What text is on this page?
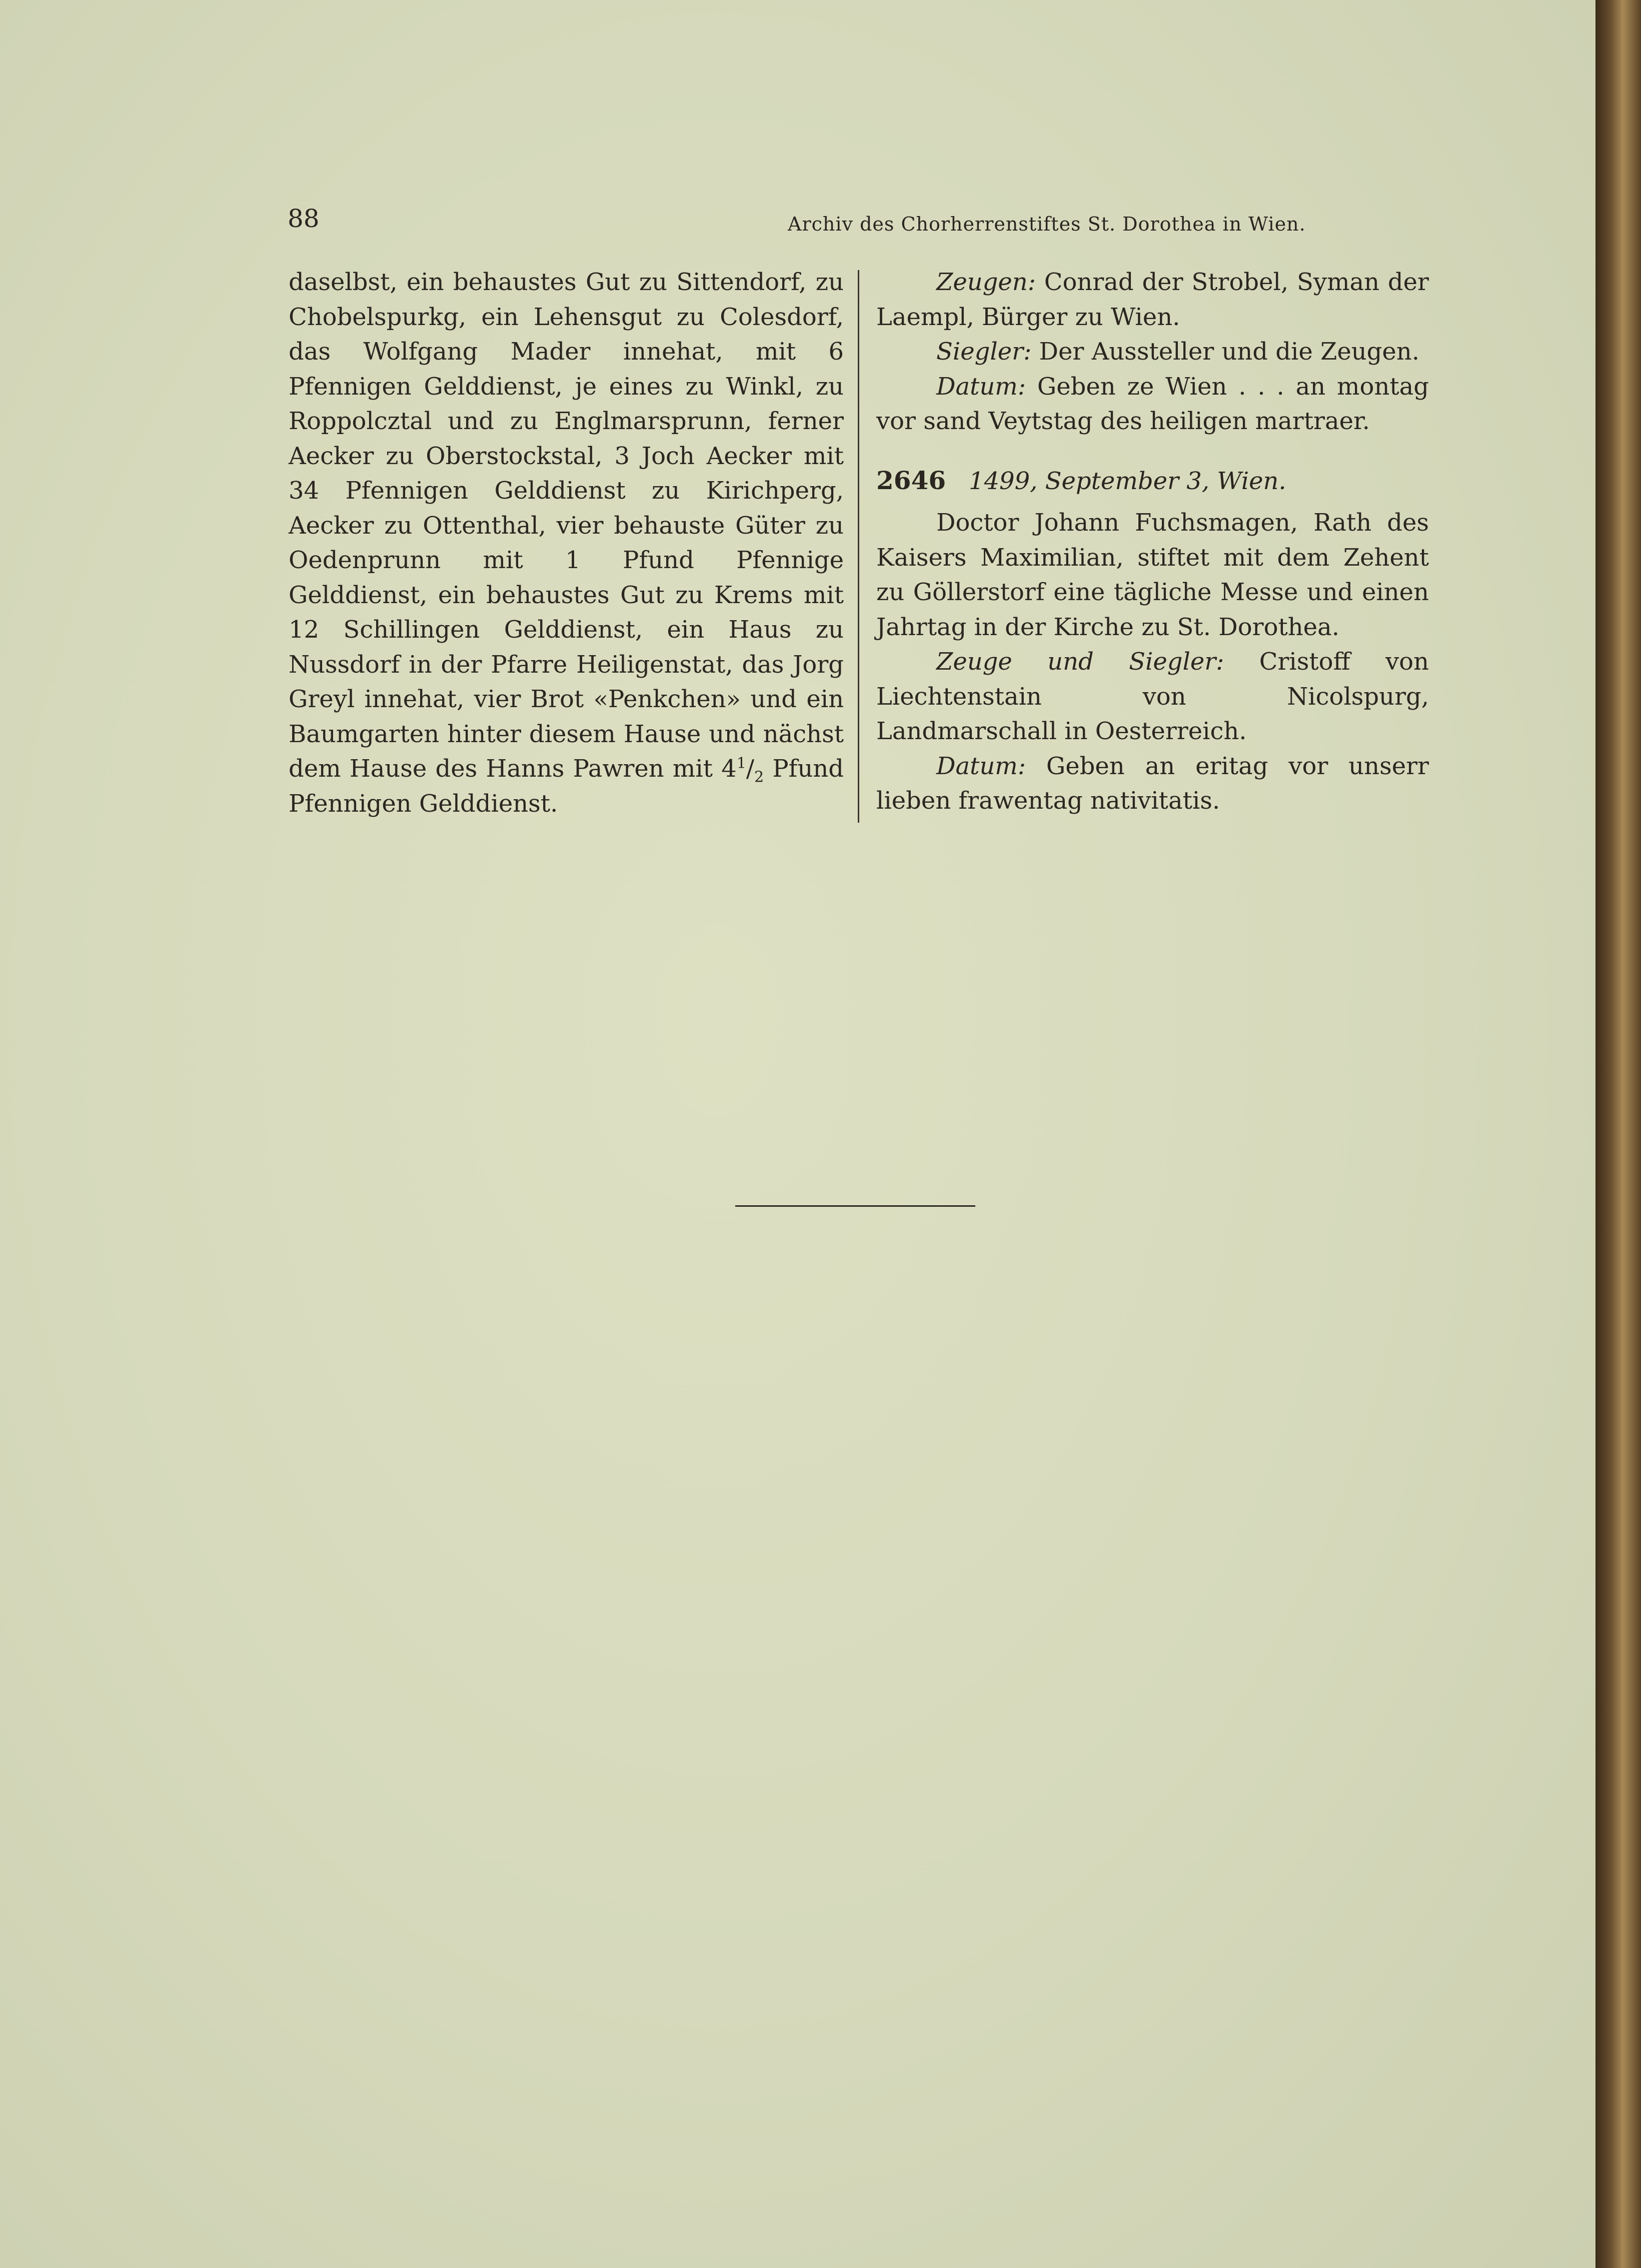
88	Archiv des Chorherrenstiftes St. Dorothea in Wien.

daselbst, ein behaustes Gut zu Sittendorf, zu Chobelspurkg, ein Lehensgut zu Colesdorf, das Wolfgang Mader innehat, mit 6 Pfennigen Gelddienst, je eines zu Winkl, zu Roppolcztal und zu Englmarsprunn, ferner Aecker zu Oberstockstal, 3 Joch Aecker mit 34 Pfennigen Gelddienst zu Kirichperg, Aecker zu Ottenthal, vier behauste Güter zu Oedenprunn mit 1 Pfund Pfennige Gelddienst, ein behaustes Gut zu Krems mit 12 Schillingen Gelddienst, ein Haus zu Nussdorf in der Pfarre Heiligenstat, das Jorg Greyl innehat, vier Brot «Penkchen» und ein Baumgarten hinter diesem Hause und nächst dem Hause des Hanns Pawren mit $4^1/_2$ Pfund Pfennigen Gelddienst.

Zeugen: Conrad der Strobel, Syman der Laempl, Bürger zu Wien.

Siegler: Der Aussteller und die Zeugen.

Datum: Geben ze Wien . . . an montag vor sand Veytstag des heiligen martraer.

2646 1499, September 3, Wien.

Doctor Johann Fuchsmagen, Rath des Kaisers Maximilian, stiftet mit dem Zehent zu Göllerstorf eine tägliche Messe und einen Jahrtag in der Kirche zu St. Dorothea.

Zeuge und Siegler: Cristoff von Liechtenstain von Nicolspurg, Landmarschall in Oesterreich.

Datum: Geben an eritag vor unserr lieben frawentag nativitatis.
